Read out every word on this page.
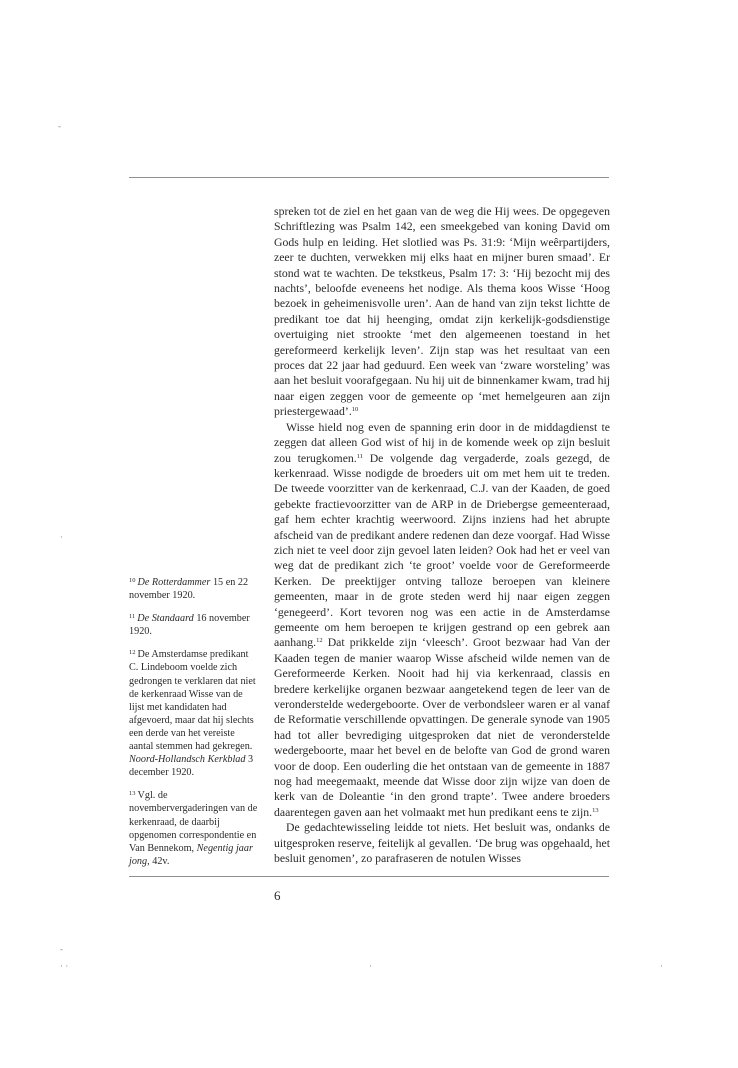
-
·
-
· ·	·	·

spreken tot de ziel en het gaan van de weg die Hij wees. De opgegeven Schriftlezing was Psalm 142, een smeekgebed van koning David om Gods hulp en leiding. Het slotlied was Ps. 31:9: ‘Mijn weêrpartijders, zeer te duchten, verwekken mij elks haat en mijner buren smaad’. Er stond wat te wachten. De tekstkeus, Psalm 17: 3: ‘Hij bezocht mij des nachts’, beloofde eveneens het nodige. Als thema koos Wisse ‘Hoog bezoek in geheimenisvolle uren’. Aan de hand van zijn tekst lichtte de predikant toe dat hij heenging, omdat zijn kerkelijk-godsdienstige overtuiging niet strookte ‘met den algemeenen toestand in het gereformeerd kerkelijk leven’. Zijn stap was het resultaat van een proces dat 22 jaar had geduurd. Een week van ‘zware worsteling’ was aan het besluit voorafgegaan. Nu hij uit de binnenkamer kwam, trad hij naar eigen zeggen voor de gemeente op ‘met hemelgeuren aan zijn priestergewaad’.$^{10}$

Wisse hield nog even de spanning erin door in de middagdienst te zeggen dat alleen God wist of hij in de komende week op zijn besluit zou terugkomen.$^{11}$ De volgende dag vergaderde, zoals gezegd, de kerkenraad. Wisse nodigde de broeders uit om met hem uit te treden. De tweede voorzitter van de kerkenraad, C.J. van der Kaaden, de goed gebekte fractievoorzitter van de ARP in de Driebergse gemeenteraad, gaf hem echter krachtig weerwoord. Zijns inziens had het abrupte afscheid van de predikant andere redenen dan deze voorgaf. Had Wisse zich niet te veel door zijn gevoel laten leiden? Ook had het er veel van weg dat de predikant zich ‘te groot’ voelde voor de Gereformeerde Kerken. De preektijger ontving talloze beroepen van kleinere gemeenten, maar in de grote steden werd hij naar eigen zeggen ‘genegeerd’. Kort tevoren nog was een actie in de Amsterdamse gemeente om hem beroepen te krijgen gestrand op een gebrek aan aanhang.$^{12}$ Dat prikkelde zijn ‘vleesch’. Groot bezwaar had Van der Kaaden tegen de manier waarop Wisse afscheid wilde nemen van de Gereformeerde Kerken. Nooit had hij via kerkenraad, classis en bredere kerkelijke organen bezwaar aangetekend tegen de leer van de veronderstelde wedergeboorte. Over de verbondsleer waren er al vanaf de Reformatie verschillende opvattingen. De generale synode van 1905 had tot aller bevrediging uitgesproken dat niet de veronderstelde wedergeboorte, maar het bevel en de belofte van God de grond waren voor de doop. Een ouderling die het ontstaan van de gemeente in 1887 nog had meegemaakt, meende dat Wisse door zijn wijze van doen de kerk van de Doleantie ‘in den grond trapte’. Twee andere broeders daarentegen gaven aan het volmaakt met hun predikant eens te zijn.$^{13}$

De gedachtewisseling leidde tot niets. Het besluit was, ondanks de uitgesproken reserve, feitelijk al gevallen. ‘De brug was opgehaald, het besluit genomen’, zo parafraseren de notulen Wisses

$^{10}$ De Rotterdammer 15 en 22 november 1920.

$^{11}$ De Standaard 16 november 1920.

$^{12}$ De Amsterdamse predikant C. Lindeboom voelde zich gedrongen te verklaren dat niet de kerkenraad Wisse van de lijst met kandidaten had afgevoerd, maar dat hij slechts een derde van het vereiste aantal stemmen had gekregen. Noord-Hollandsch Kerkblad 3 december 1920.

$^{13}$ Vgl. de novembervergaderingen van de kerkenraad, de daarbij opgenomen correspondentie en Van Bennekom, Negentig jaar jong, 42v.

6
